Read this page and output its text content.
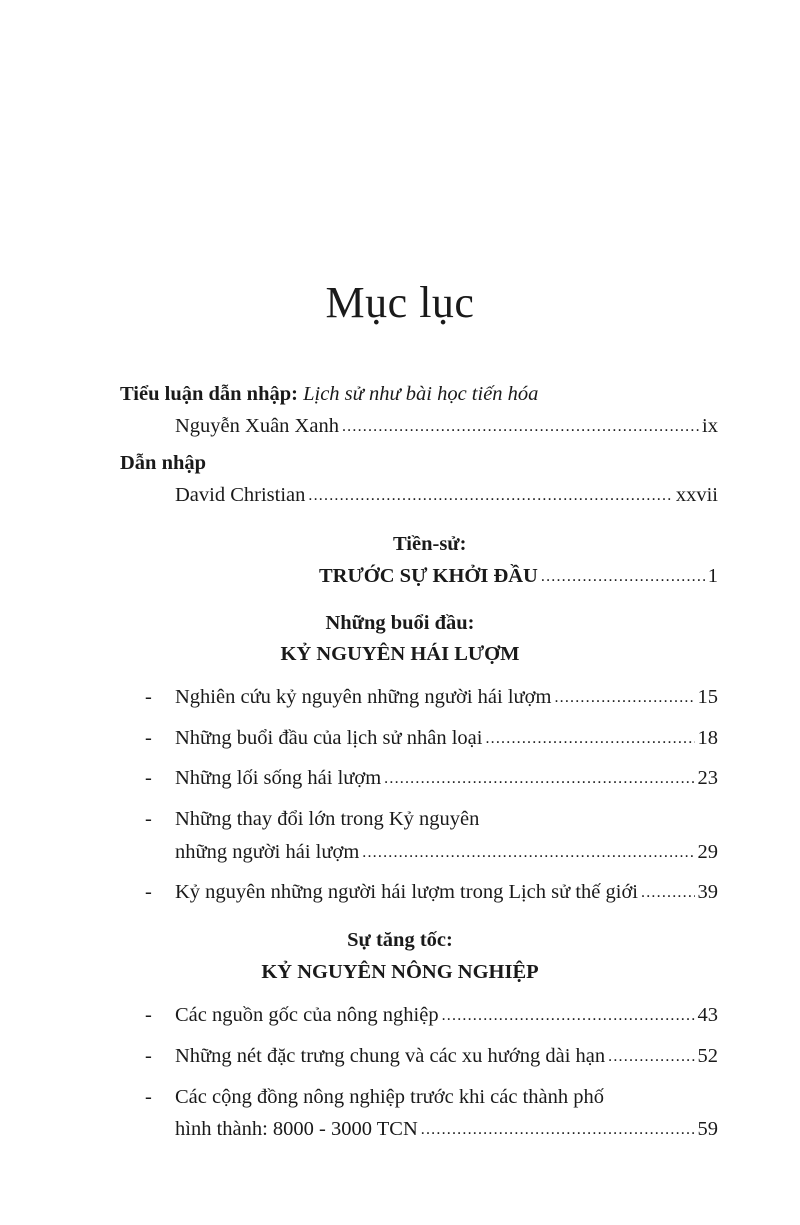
Mục lục
Tiểu luận dẫn nhập: Lịch sử như bài học tiến hóa
Nguyễn Xuân Xanh .....	ix
Dẫn nhập
David Christian .....	xxvii
Tiền-sử:
TRƯỚC SỰ KHỞI ĐẦU .....	1
Những buổi đầu:
KỶ NGUYÊN HÁI LƯỢM
- Nghiên cứu kỷ nguyên những người hái lượm .....	15
- Những buổi đầu của lịch sử nhân loại .....	18
- Những lối sống hái lượm .....	23
- Những thay đổi lớn trong Kỷ nguyên
những người hái lượm .....	29
- Kỷ nguyên những người hái lượm trong Lịch sử thế giới .....	39
Sự tăng tốc:
KỶ NGUYÊN NÔNG NGHIỆP
- Các nguồn gốc của nông nghiệp .....	43
- Những nét đặc trưng chung và các xu hướng dài hạn .....	52
- Các cộng đồng nông nghiệp trước khi các thành phố
hình thành: 8000 - 3000 TCN .....	59
